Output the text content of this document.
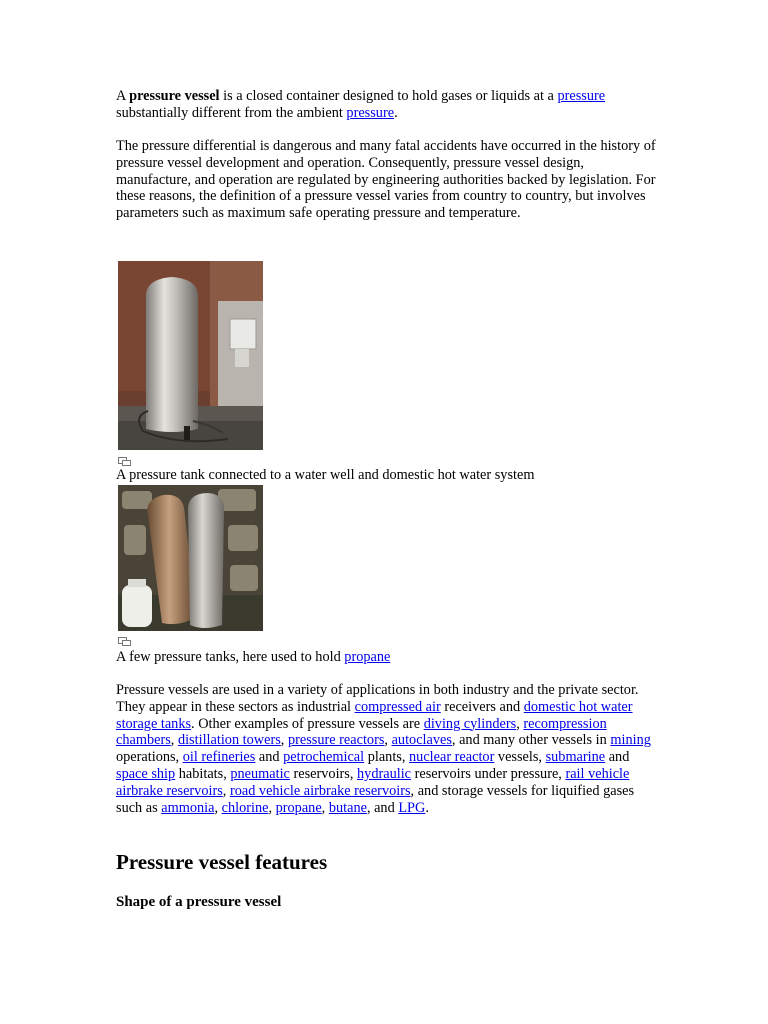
A pressure vessel is a closed container designed to hold gases or liquids at a pressure substantially different from the ambient pressure.

The pressure differential is dangerous and many fatal accidents have occurred in the history of pressure vessel development and operation. Consequently, pressure vessel design, manufacture, and operation are regulated by engineering authorities backed by legislation. For these reasons, the definition of a pressure vessel varies from country to country, but involves parameters such as maximum safe operating pressure and temperature.

A pressure tank connected to a water well and domestic hot water system

A few pressure tanks, here used to hold propane

Pressure vessels are used in a variety of applications in both industry and the private sector. They appear in these sectors as industrial compressed air receivers and domestic hot water storage tanks. Other examples of pressure vessels are diving cylinders, recompression chambers, distillation towers, pressure reactors, autoclaves, and many other vessels in mining operations, oil refineries and petrochemical plants, nuclear reactor vessels, submarine and space ship habitats, pneumatic reservoirs, hydraulic reservoirs under pressure, rail vehicle airbrake reservoirs, road vehicle airbrake reservoirs, and storage vessels for liquified gases such as ammonia, chlorine, propane, butane, and LPG.

Pressure vessel features
Shape of a pressure vessel
